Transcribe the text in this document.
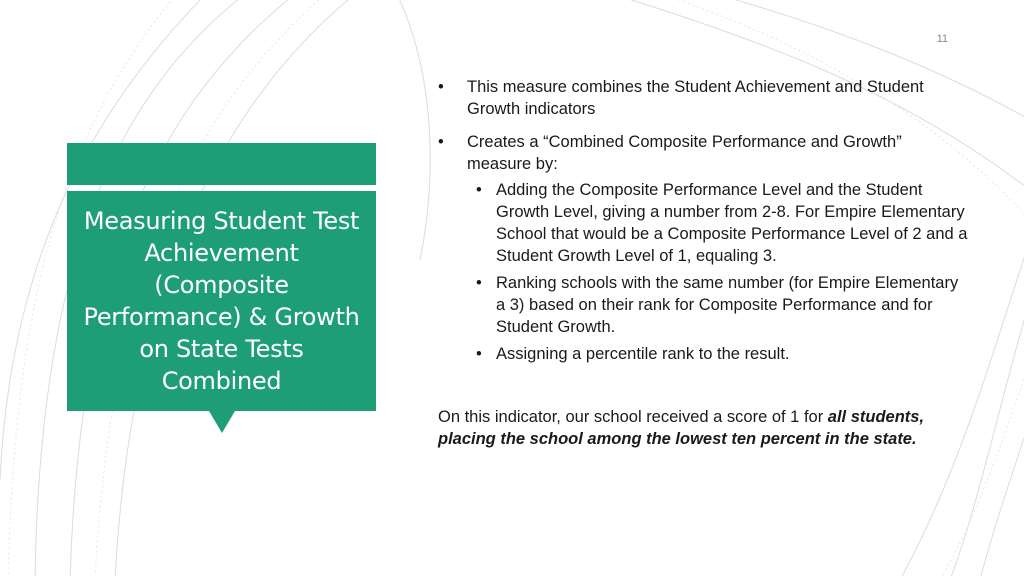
11
Measuring Student Test Achievement (Composite Performance) & Growth on State Tests Combined
• This measure combines the Student Achievement and Student Growth indicators
• Creates a “Combined Composite Performance and Growth” measure by:
• Adding the Composite Performance Level and the Student Growth Level, giving a number from 2-8. For Empire Elementary School that would be a Composite Performance Level of 2 and a Student Growth Level of 1, equaling 3.
• Ranking schools with the same number (for Empire Elementary a 3) based on their rank for Composite Performance and for Student Growth.
• Assigning a percentile rank to the result.

On this indicator, our school received a score of 1 for all students, placing the school among the lowest ten percent in the state.
